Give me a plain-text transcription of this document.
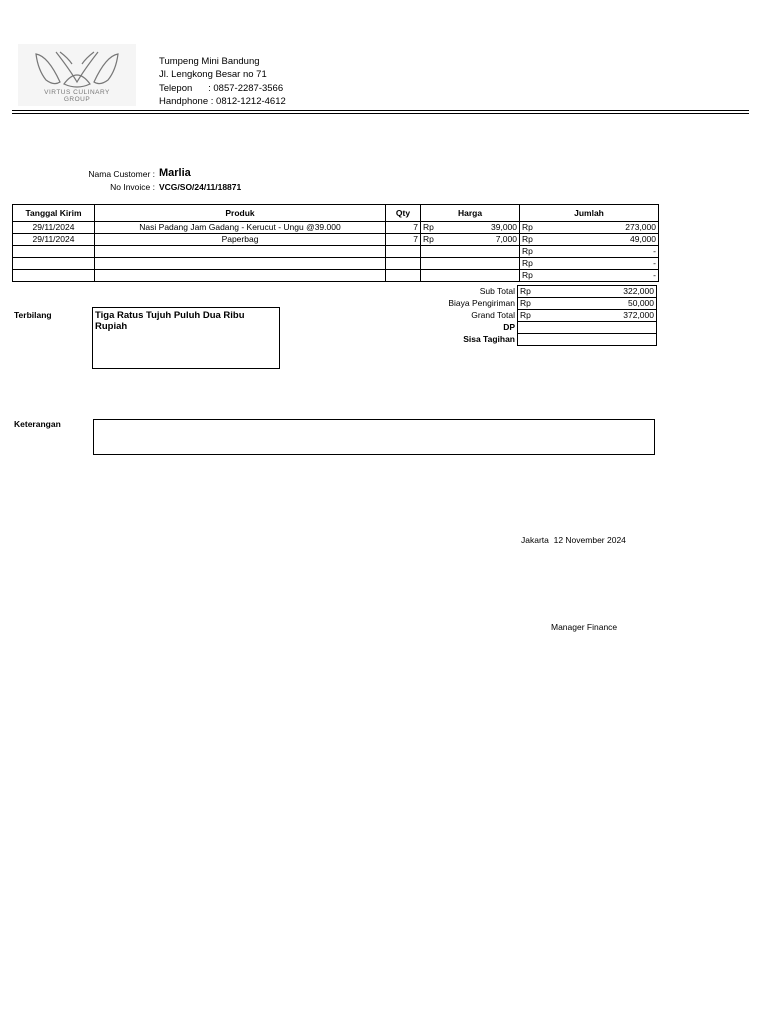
VIRTUS CULINARY
GROUP
Tumpeng Mini Bandung
Jl. Lengkong Besar no 71
Telepon      : 0857-2287-3566
Handphone : 0812-1212-4612
Nama Customer : Marlia
No Invoice : VCG/SO/24/11/18871
Tanggal Kirim	Produk	Qty	Harga	Jumlah
29/11/2024	Nasi Padang Jam Gadang - Kerucut - Ungu @39.000	7	Rp 39,000	Rp 273,000

29/11/2024	Paperbag	7	Rp 7,000	Rp 49,000

				Rp -

				Rp -

				Rp -
Sub Total	Rp 322,000

Biaya Pengiriman	Rp 50,000

Grand Total	Rp 372,000

DP	
Sisa Tagihan	
Terbilang	Tiga Ratus Tujuh Puluh Dua Ribu Rupiah
Keterangan
Jakarta  12 November 2024
Manager Finance
